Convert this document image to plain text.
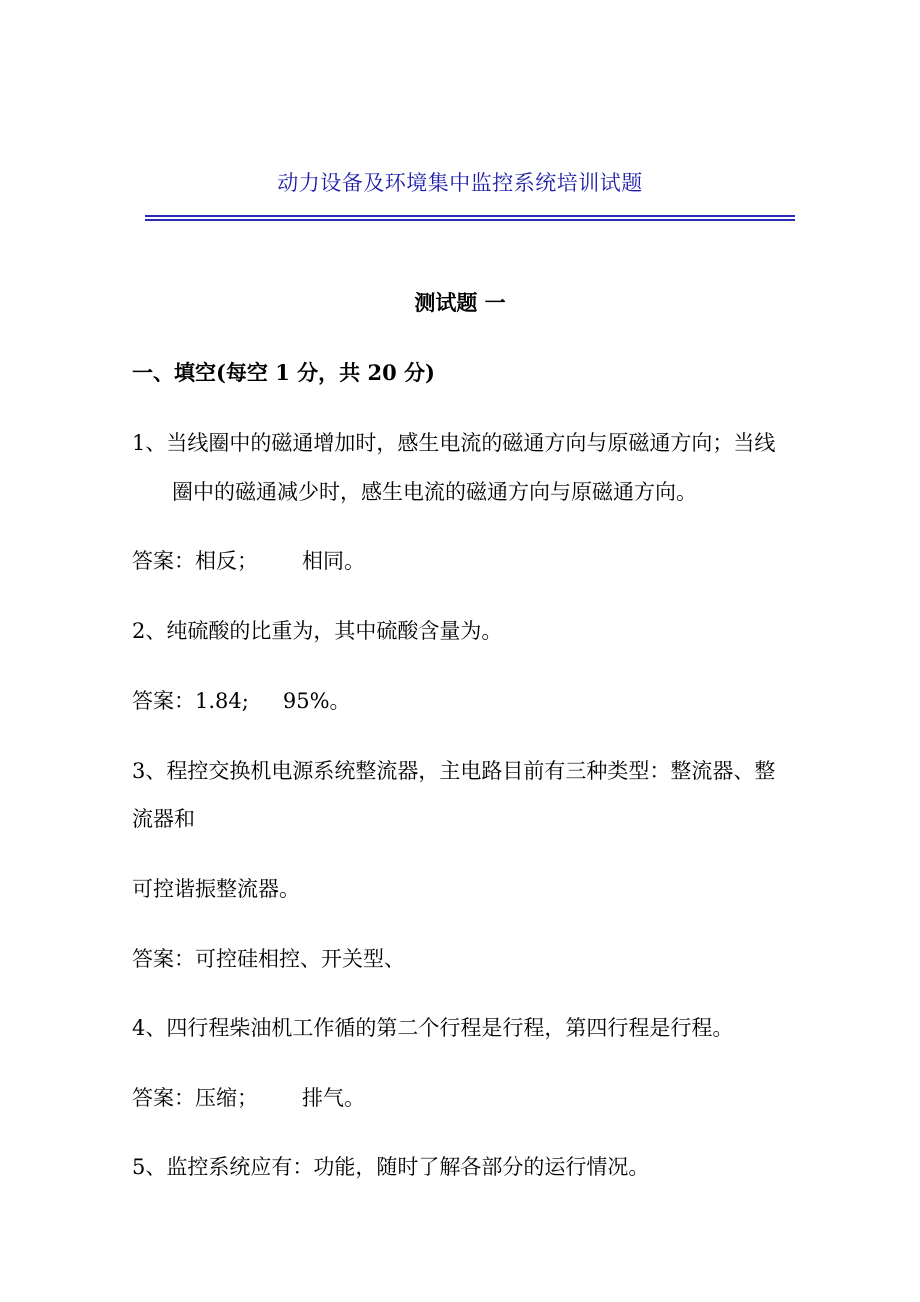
动力设备及环境集中监控系统培训试题
测试题 一
一、填空(每空 1 分，共 20 分)
1、当线圈中的磁通增加时，感生电流的磁通方向与原磁通方向；当线
圈中的磁通减少时，感生电流的磁通方向与原磁通方向。
答案：相反； 相同。
2、纯硫酸的比重为，其中硫酸含量为。
答案：1.84; 95%。
3、程控交换机电源系统整流器，主电路目前有三种类型：整流器、整
流器和
可控谐振整流器。
答案：可控硅相控、开关型、
4、四行程柴油机工作循的第二个行程是行程，第四行程是行程。
答案：压缩； 排气。
5、监控系统应有：功能，随时了解各部分的运行情况。
